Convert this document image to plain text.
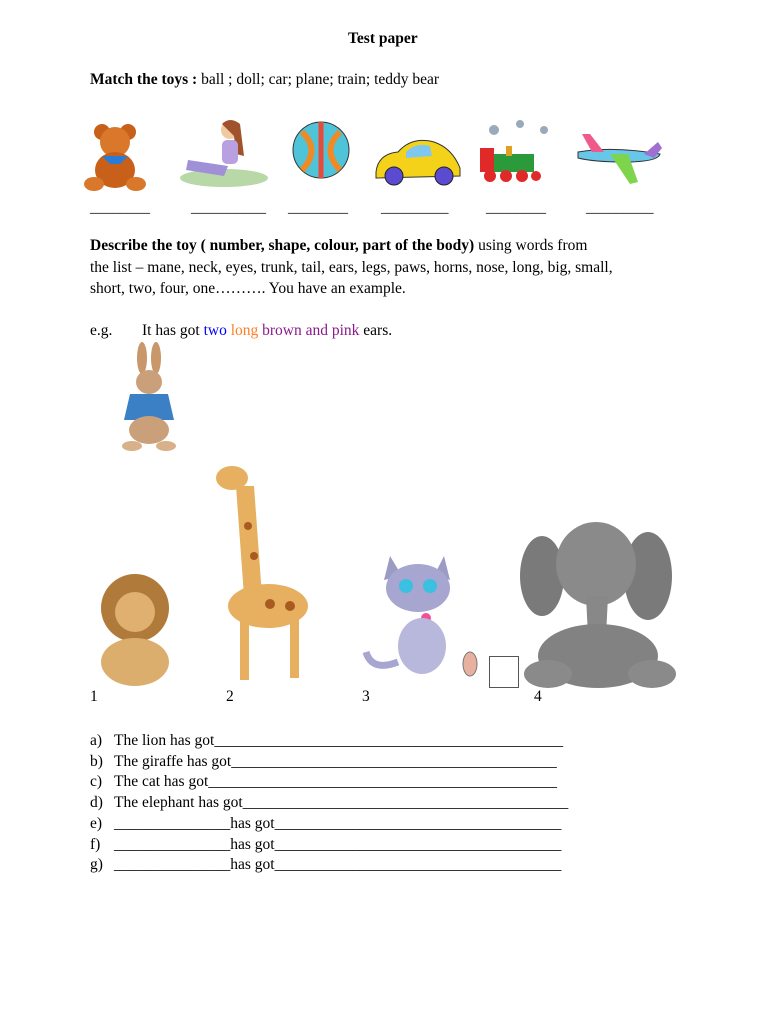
Test paper
Match the toys : ball ; doll; car; plane; train; teddy bear
________	__________ ________ _________	________	_________
Describe the toy ( number, shape, colour, part of the body) using words from
the list – mane, neck, eyes, trunk, tail, ears, legs, paws, horns, nose, long, big, small,
short, two, four, one………. You have an example.
e.g. It has got two long brown and pink ears.
1	2	3	4
a) The lion has got_____________________________________________
b) The giraffe has got__________________________________________
c) The cat has got_____________________________________________
d) The elephant has got__________________________________________
e) _______________has got_____________________________________
f) _______________has got_____________________________________
g) _______________has got_____________________________________
